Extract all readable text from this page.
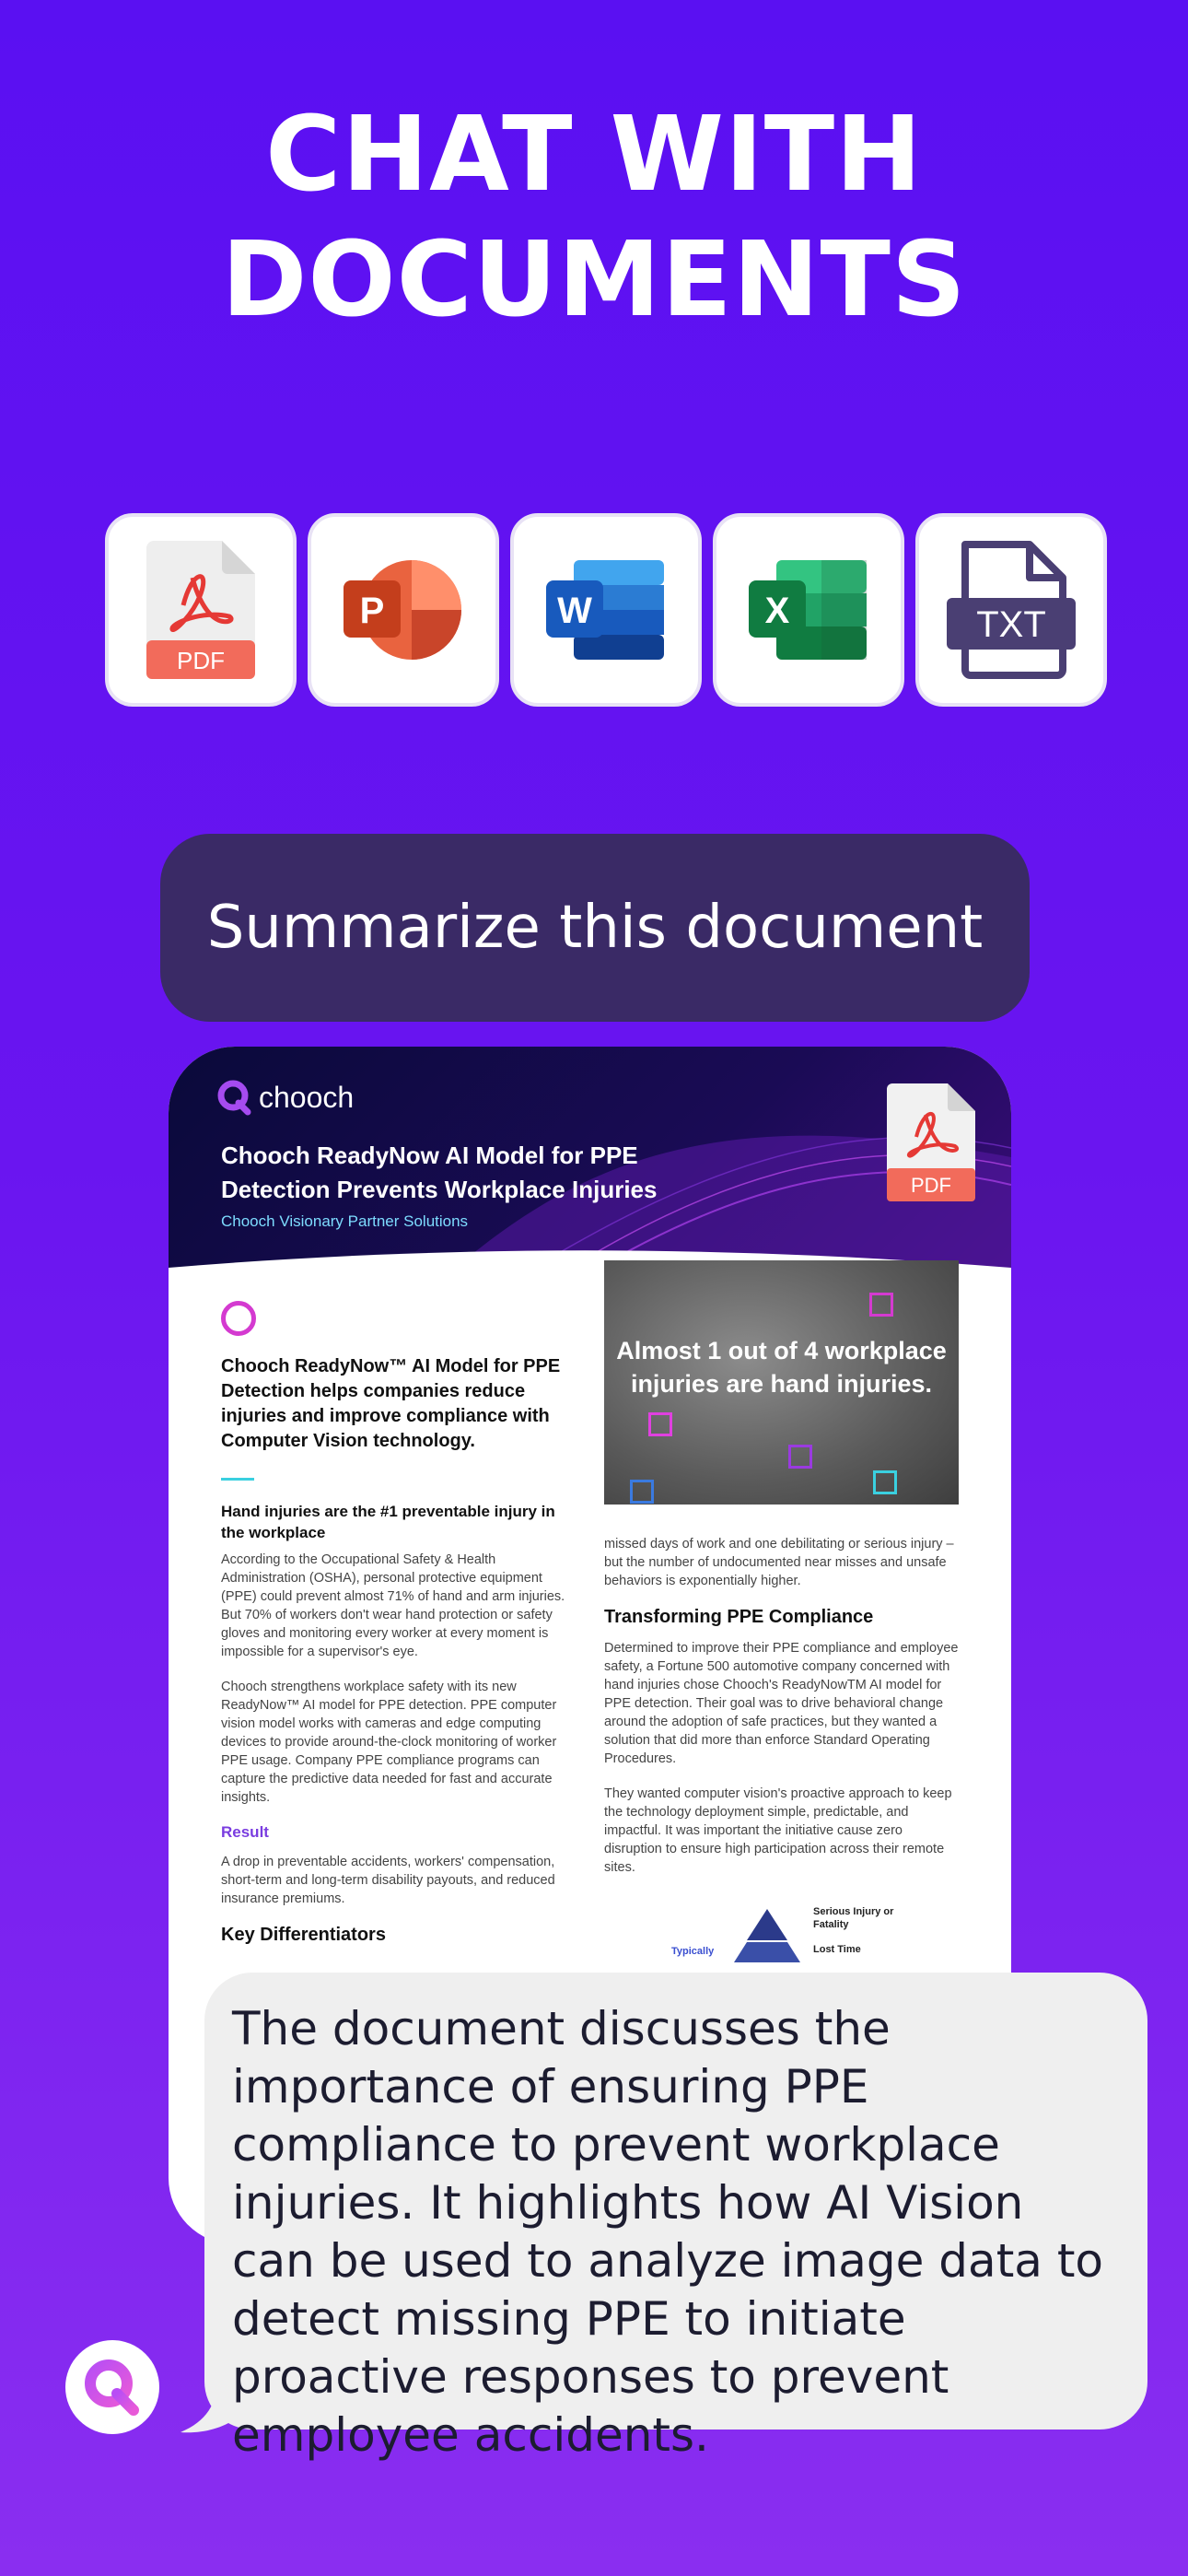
CHAT WITH
DOCUMENTS
PDF
P	W	X	TXT
Summarize this document
chooch
Chooch ReadyNow AI Model for PPE Detection Prevents Workplace Injuries
Chooch Visionary Partner Solutions
PDF
Almost 1 out of 4 workplace injuries are hand injuries.
Chooch ReadyNow™ AI Model for PPE Detection helps companies reduce injuries and improve compliance with Computer Vision technology.
Hand injuries are the #1 preventable injury in the workplace
According to the Occupational Safety & Health Administration (OSHA), personal protective equipment (PPE) could prevent almost 71% of hand and arm injuries. But 70% of workers don't wear hand protection or safety gloves and monitoring every worker at every moment is impossible for a supervisor's eye.
Chooch strengthens workplace safety with its new ReadyNow™ AI model for PPE detection. PPE computer vision model works with cameras and edge computing devices to provide around-the-clock monitoring of worker PPE usage. Company PPE compliance programs can capture the predictive data needed for fast and accurate insights.
Result
A drop in preventable accidents, workers' compensation, short-term and long-term disability payouts, and reduced insurance premiums.
Key Differentiators
missed days of work and one debilitating or serious injury – but the number of undocumented near misses and unsafe behaviors is exponentially higher.
Transforming PPE Compliance
Determined to improve their PPE compliance and employee safety, a Fortune 500 automotive company concerned with hand injuries chose Chooch's ReadyNowTM AI model for PPE detection. Their goal was to drive behavioral change around the adoption of safe practices, but they wanted a solution that did more than enforce Standard Operating Procedures.
They wanted computer vision's proactive approach to keep the technology deployment simple, predictable, and impactful. It was important the initiative cause zero disruption to ensure high participation across their remote sites.
Serious Injury or Fatality
Lost Time
Typically
The document discusses the importance of ensuring PPE compliance to prevent workplace injuries. It highlights how AI Vision can be used to analyze image data to detect missing PPE to initiate proactive responses to prevent employee accidents.
